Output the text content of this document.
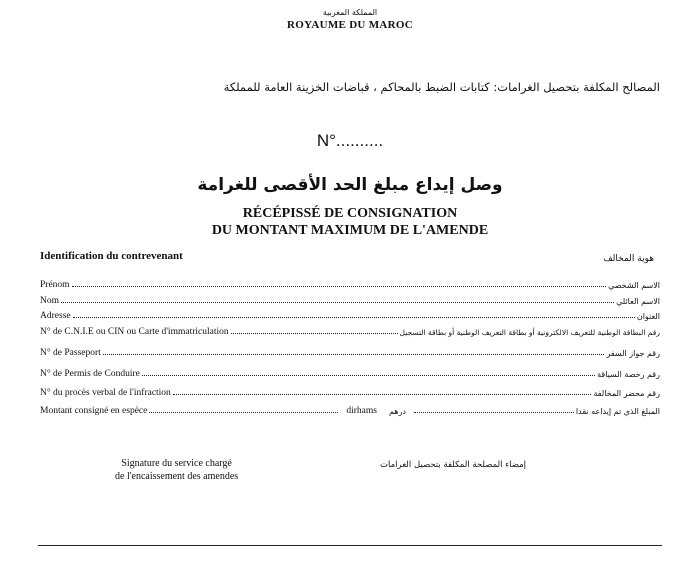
المملكة المغربية
ROYAUME DU MAROC
المصالح المكلفة بتحصيل الغرامات: كتابات الضبط بالمحاكم ، قباضات الخزينة العامة للمملكة
N°..........
وصل إيداع مبلغ الحد الأقصى للغرامة
RÉCÉPISSÉ DE CONSIGNATION
DU MONTANT MAXIMUM DE L'AMENDE
Identification du contrevenant	هوية المخالف
Prénom	الاسم الشخصي
Nom	الاسم العائلي
Adresse	العنوان
N° de C.N.I.E ou CIN ou Carte d'immatriculation	رقم البطاقة الوطنية للتعريف الالكترونية أو بطاقة التعريف الوطنية أو بطاقة التسجيل
N° de Passeport	رقم جواز السفر
N° de Permis de Conduire	رقم رخصة السياقة
N° du procès verbal de l'infraction	رقم محضر المخالفة
Montant consigné en espèce	dirhams درهم	المبلغ الذي تم إيداعه نقدا
Signature du service chargé
de l'encaissement des amendes
إمضاء المصلحة المكلفة بتحصيل الغرامات
